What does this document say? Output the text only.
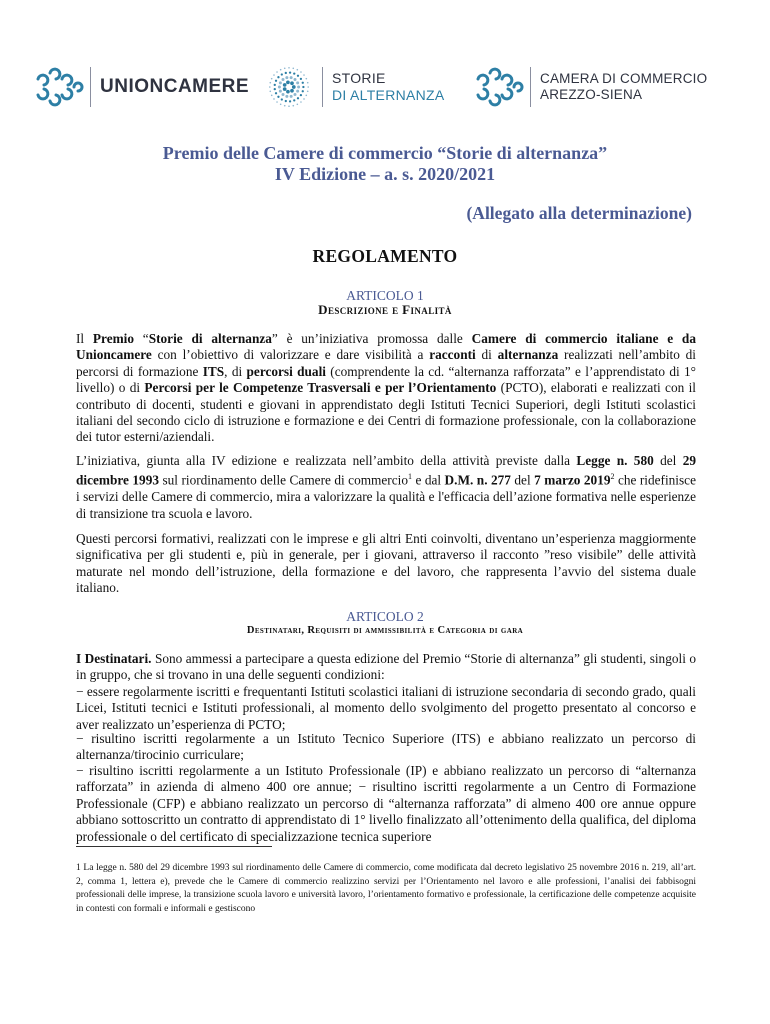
UNIONCAMERE	STORIE
DI ALTERNANZA
CAMERA DI COMMERCIO
AREZZO-SIENA
Premio delle Camere di commercio “Storie di alternanza”
IV Edizione – a. s. 2020/2021
(Allegato alla determinazione)
REGOLAMENTO
ARTICOLO 1
Descrizione e Finalità

Il Premio “Storie di alternanza” è un’iniziativa promossa dalle Camere di commercio italiane e da Unioncamere con l’obiettivo di valorizzare e dare visibilità a racconti di alternanza realizzati nell’ambito di percorsi di formazione ITS, di percorsi duali (comprendente la cd. “alternanza rafforzata” e l’apprendistato di 1° livello) o di Percorsi per le Competenze Trasversali e per l’Orientamento (PCTO), elaborati e realizzati con il contributo di docenti, studenti e giovani in apprendistato degli Istituti Tecnici Superiori, degli Istituti scolastici italiani del secondo ciclo di istruzione e formazione e dei Centri di formazione professionale, con la collaborazione dei tutor esterni/aziendali.

L’iniziativa, giunta alla IV edizione e realizzata nell’ambito della attività previste dalla Legge n. 580 del 29 dicembre 1993 sul riordinamento delle Camere di commercio$^1$ e dal D.M. n. 277 del 7 marzo 2019$^2$ che ridefinisce i servizi delle Camere di commercio, mira a valorizzare la qualità e l'efficacia dell’azione formativa nelle esperienze di transizione tra scuola e lavoro.

Questi percorsi formativi, realizzati con le imprese e gli altri Enti coinvolti, diventano un’esperienza maggiormente significativa per gli studenti e, più in generale, per i giovani, attraverso il racconto ”reso visibile” delle attività maturate nel mondo dell’istruzione, della formazione e del lavoro, che rappresenta l’avvio del sistema duale italiano.

ARTICOLO 2
Destinatari, Requisiti di ammissibilità e Categoria di gara

I Destinatari. Sono ammessi a partecipare a questa edizione del Premio “Storie di alternanza” gli studenti, singoli o in gruppo, che si trovano in una delle seguenti condizioni:

− essere regolarmente iscritti e frequentanti Istituti scolastici italiani di istruzione secondaria di secondo grado, quali Licei, Istituti tecnici e Istituti professionali, al momento dello svolgimento del progetto presentato al concorso e aver realizzato un’esperienza di PCTO;

− risultino iscritti regolarmente a un Istituto Tecnico Superiore (ITS) e abbiano realizzato un percorso di alternanza/tirocinio curriculare;

− risultino iscritti regolarmente a un Istituto Professionale (IP) e abbiano realizzato un percorso di “alternanza rafforzata” in azienda di almeno 400 ore annue; − risultino iscritti regolarmente a un Centro di Formazione Professionale (CFP) e abbiano realizzato un percorso di “alternanza rafforzata” di almeno 400 ore annue oppure abbiano sottoscritto un contratto di apprendistato di 1° livello finalizzato all’ottenimento della qualifica, del diploma professionale o del certificato di specializzazione tecnica superiore

1 La legge n. 580 del 29 dicembre 1993 sul riordinamento delle Camere di commercio, come modificata dal decreto legislativo 25 novembre 2016 n. 219, all’art. 2, comma 1, lettera e), prevede che le Camere di commercio realizzino servizi per l’Orientamento nel lavoro e alle professioni, l’analisi dei fabbisogni professionali delle imprese, la transizione scuola lavoro e università lavoro, l’orientamento formativo e professionale, la certificazione delle competenze acquisite in contesti con formali e informali e gestiscono
